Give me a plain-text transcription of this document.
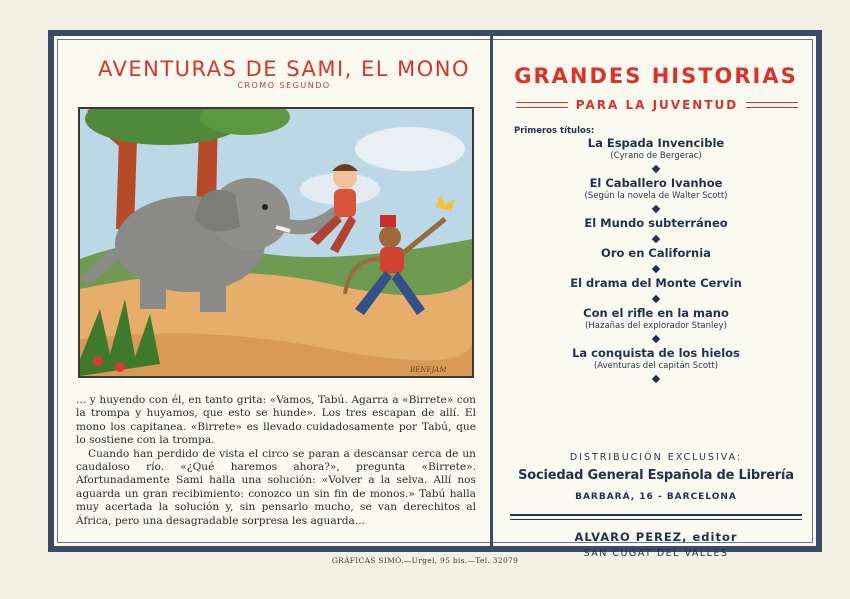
AVENTURAS DE SAMI, EL MONO
CROMO SEGUNDO
BENEJAM

... y huyendo con él, en tanto grita: «Vamos, Tabú. Agarra a «Birrete» con la trompa y huyamos, que esto se hunde». Los tres escapan de allí. El mono los capitanea. «Birrete» es llevado cuidadosamente por Tabú, que lo sostiene con la trompa.

Cuando han perdido de vista el circo se paran a descansar cerca de un caudaloso río. «¿Qué haremos ahora?», pregunta «Birrete». Afortunadamente Sami halla una solución: «Volver a la selva. Allí nos aguarda un gran recibimiento: conozco un sin fin de monos.» Tabú halla muy acertada la solución y, sin pensarlo mucho, se van derechitos al África, pero una desagradable sorpresa les aguarda...

GRANDES HISTORIAS
PARA LA JUVENTUD
Primeros títulos:
La Espada Invencible
(Cyrano de Bergerac)
El Caballero Ivanhoe
(Según la novela de Walter Scott)
El Mundo subterráneo
Oro en California
El drama del Monte Cervin
Con el rifle en la mano
(Hazañas del explorador Stanley)
La conquista de los hielos
(Aventuras del capitán Scott)
DISTRIBUCIÓN EXCLUSIVA:
Sociedad General Española de Librería
BARBARÁ, 16 - BARCELONA
ALVARO PEREZ, editor
SAN CUGAT DEL VALLÉS
GRÁFICAS SIMÓ.—Urgel, 95 bis.—Tel. 32079
